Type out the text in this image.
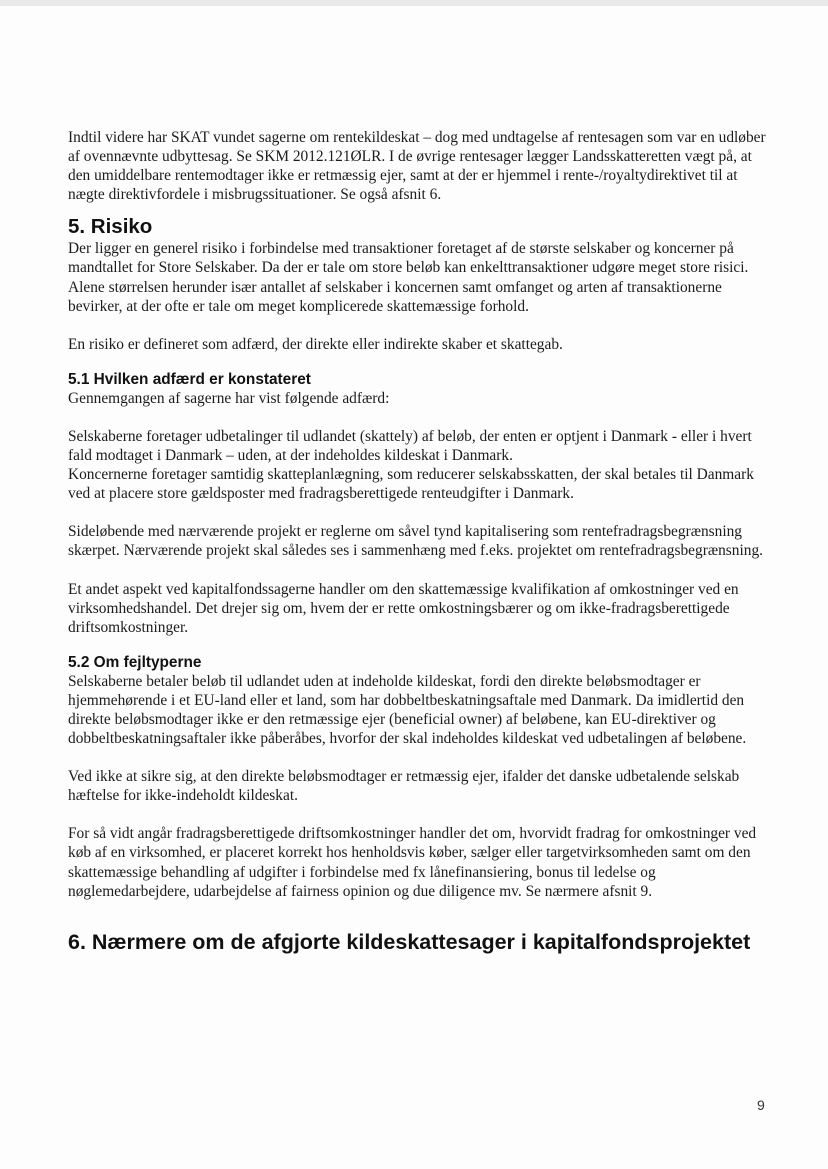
Indtil videre har SKAT vundet sagerne om rentekildeskat – dog med undtagelse af rentesagen som var en udløber af ovennævnte udbyttesag. Se SKM 2012.121ØLR. I de øvrige rentesager lægger Landsskatteretten vægt på, at den umiddelbare rentemodtager ikke er retmæssig ejer, samt at der er hjemmel i rente-/royaltydirektivet til at nægte direktivfordele i misbrugssituationer. Se også afsnit 6.

5. Risiko

Der ligger en generel risiko i forbindelse med transaktioner foretaget af de største selskaber og koncerner på mandtallet for Store Selskaber. Da der er tale om store beløb kan enkelttransaktioner udgøre meget store risici. Alene størrelsen herunder især antallet af selskaber i koncernen samt omfanget og arten af transaktionerne bevirker, at der ofte er tale om meget komplicerede skattemæssige forhold.

En risiko er defineret som adfærd, der direkte eller indirekte skaber et skattegab.

5.1 Hvilken adfærd er konstateret

Gennemgangen af sagerne har vist følgende adfærd:

Selskaberne foretager udbetalinger til udlandet (skattely) af beløb, der enten er optjent i Danmark - eller i hvert fald modtaget i Danmark – uden, at der indeholdes kildeskat i Danmark.

Koncernerne foretager samtidig skatteplanlægning, som reducerer selskabsskatten, der skal betales til Danmark ved at placere store gældsposter med fradragsberettigede renteudgifter i Danmark.

Sideløbende med nærværende projekt er reglerne om såvel tynd kapitalisering som rentefradragsbegrænsning skærpet. Nærværende projekt skal således ses i sammenhæng med f.eks. projektet om rentefradragsbegrænsning.

Et andet aspekt ved kapitalfondssagerne handler om den skattemæssige kvalifikation af omkostninger ved en virksomhedshandel. Det drejer sig om, hvem der er rette omkostningsbærer og om ikke-fradragsberettigede driftsomkostninger.

5.2 Om fejltyperne

Selskaberne betaler beløb til udlandet uden at indeholde kildeskat, fordi den direkte beløbsmodtager er hjemmehørende i et EU-land eller et land, som har dobbeltbeskatningsaftale med Danmark. Da imidlertid den direkte beløbsmodtager ikke er den retmæssige ejer (beneficial owner) af beløbene, kan EU-direktiver og dobbeltbeskatningsaftaler ikke påberåbes, hvorfor der skal indeholdes kildeskat ved udbetalingen af beløbene.

Ved ikke at sikre sig, at den direkte beløbsmodtager er retmæssig ejer, ifalder det danske udbetalende selskab hæftelse for ikke-indeholdt kildeskat.

For så vidt angår fradragsberettigede driftsomkostninger handler det om, hvorvidt fradrag for omkostninger ved køb af en virksomhed, er placeret korrekt hos henholdsvis køber, sælger eller targetvirksomheden samt om den skattemæssige behandling af udgifter i forbindelse med fx lånefinansiering, bonus til ledelse og nøglemedarbejdere, udarbejdelse af fairness opinion og due diligence mv. Se nærmere afsnit 9.

6. Nærmere om de afgjorte kildeskattesager i kapitalfondsprojektet
9
